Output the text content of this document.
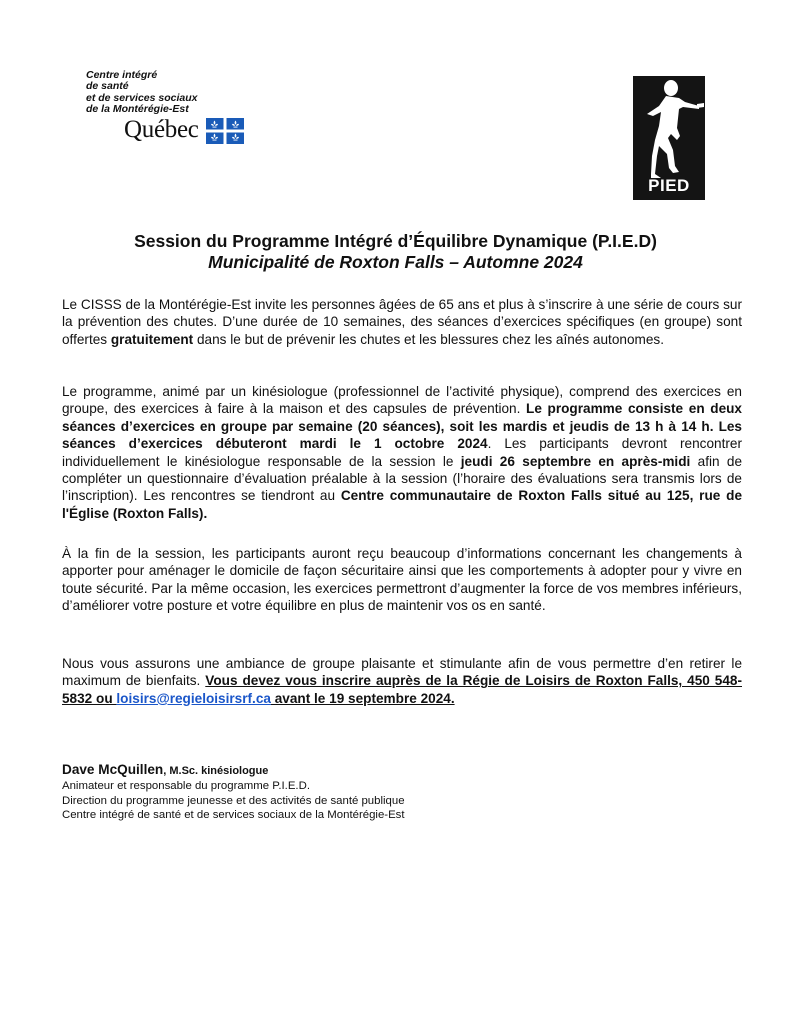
Centre intégré
de santé
et de services sociaux
de la Montérégie-Est
Québec
PIED
Session du Programme Intégré d’Équilibre Dynamique (P.I.E.D)
Municipalité de Roxton Falls – Automne 2024
Le CISSS de la Montérégie-Est invite les personnes âgées de 65 ans et plus à s’inscrire à une série de cours sur la prévention des chutes. D’une durée de 10 semaines, des séances d’exercices spécifiques (en groupe) sont offertes gratuitement dans le but de prévenir les chutes et les blessures chez les aînés autonomes.
Le programme, animé par un kinésiologue (professionnel de l’activité physique), comprend des exercices en groupe, des exercices à faire à la maison et des capsules de prévention. Le programme consiste en deux séances d’exercices en groupe par semaine (20 séances), soit les mardis et jeudis de 13 h à 14 h. Les séances d’exercices débuteront mardi le 1 octobre 2024. Les participants devront rencontrer individuellement le kinésiologue responsable de la session le jeudi 26 septembre en après-midi afin de compléter un questionnaire d’évaluation préalable à la session (l’horaire des évaluations sera transmis lors de l’inscription). Les rencontres se tiendront au Centre communautaire de Roxton Falls situé au 125, rue de l'Église (Roxton Falls).
À la fin de la session, les participants auront reçu beaucoup d’informations concernant les changements à apporter pour aménager le domicile de façon sécuritaire ainsi que les comportements à adopter pour y vivre en toute sécurité. Par la même occasion, les exercices permettront d’augmenter la force de vos membres inférieurs, d’améliorer votre posture et votre équilibre en plus de maintenir vos os en santé.
Nous vous assurons une ambiance de groupe plaisante et stimulante afin de vous permettre d’en retirer le maximum de bienfaits. Vous devez vous inscrire auprès de la Régie de Loisirs de Roxton Falls, 450 548-5832 ou loisirs@regieloisirsrf.ca avant le 19 septembre 2024.
Dave McQuillen, M.Sc. kinésiologue
Animateur et responsable du programme P.I.E.D.
Direction du programme jeunesse et des activités de santé publique
Centre intégré de santé et de services sociaux de la Montérégie-Est
